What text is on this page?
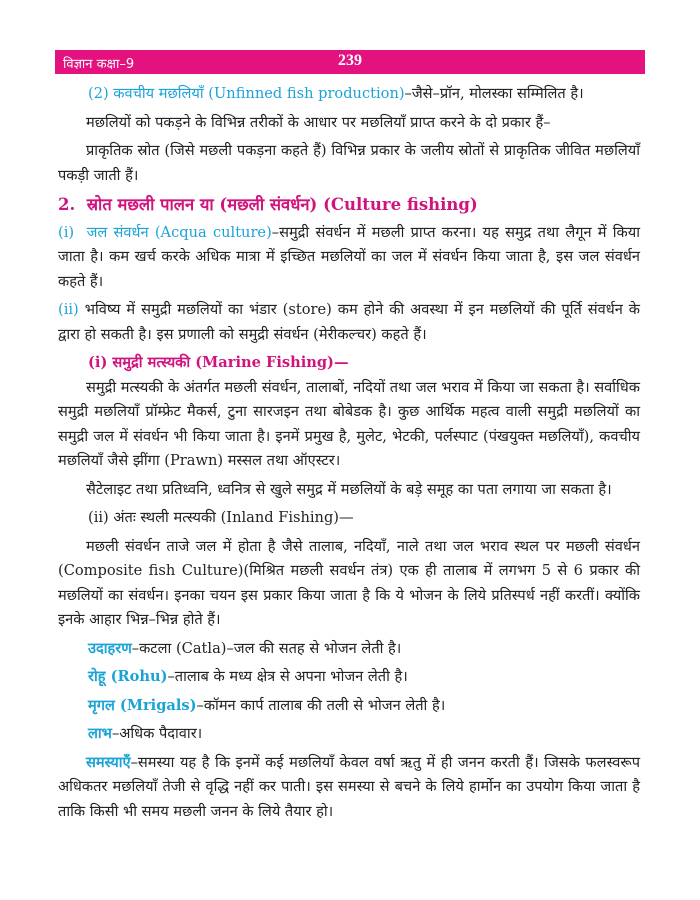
विज्ञान कक्षा–9	239

(2) कवचीय मछलियाँ (Unfinned fish production)–जैसे–प्रॉन, मोलस्का सम्मिलित है।

मछलियों को पकड़ने के विभिन्न तरीकों के आधार पर मछलियाँ प्राप्त करने के दो प्रकार हैं–

प्राकृतिक स्रोत (जिसे मछली पकड़ना कहते हैं) विभिन्न प्रकार के जलीय स्रोतों से प्राकृतिक जीवित मछलियाँ पकड़ी जाती हैं।

2. स्रोत मछली पालन या (मछली संवर्धन) (Culture fishing)

(i) जल संवर्धन (Acqua culture)–समुद्री संवर्धन में मछली प्राप्त करना। यह समुद्र तथा लैगून में किया जाता है। कम खर्च करके अधिक मात्रा में इच्छित मछलियों का जल में संवर्धन किया जाता है, इस जल संवर्धन कहते हैं।

(ii) भविष्य में समुद्री मछलियों का भंडार (store) कम होने की अवस्था में इन मछलियों की पूर्ति संवर्धन के द्वारा हो सकती है। इस प्रणाली को समुद्री संवर्धन (मेरीकल्चर) कहते हैं।

(i) समुद्री मत्स्यकी (Marine Fishing)—

समुद्री मत्स्यकी के अंतर्गत मछली संवर्धन, तालाबों, नदियों तथा जल भराव में किया जा सकता है। सर्वाधिक समुद्री मछलियाँ प्रॉम्फ्रेट मैकर्स, टुना सारजइन तथा बोबेडक है। कुछ आर्थिक महत्व वाली समुद्री मछलियों का समुद्री जल में संवर्धन भी किया जाता है। इनमें प्रमुख है, मुलेट, भेटकी, पर्लस्पाट (पंखयुक्त मछलियाँ), कवचीय मछलियाँ जैसे झींगा (Prawn) मस्सल तथा ऑएस्टर।

सैटेलाइट तथा प्रतिध्वनि, ध्वनित्र से खुले समुद्र में मछलियों के बड़े समूह का पता लगाया जा सकता है।

(ii) अंतः स्थली मत्स्यकी (Inland Fishing)—

मछली संवर्धन ताजे जल में होता है जैसे तालाब, नदियाँ, नाले तथा जल भराव स्थल पर मछली संवर्धन (Composite fish Culture)(मिश्रित मछली सवर्धन तंत्र) एक ही तालाब में लगभग 5 से 6 प्रकार की मछलियों का संवर्धन। इनका चयन इस प्रकार किया जाता है कि ये भोजन के लिये प्रतिस्पर्ध नहीं करतीं। क्योंकि इनके आहार भिन्न–भिन्न होते हैं।

उदाहरण–कटला (Catla)–जल की सतह से भोजन लेती है।

रोहू (Rohu)–तालाब के मध्य क्षेत्र से अपना भोजन लेती है।

मृगल (Mrigals)–कॉमन कार्प तालाब की तली से भोजन लेती है।

लाभ–अधिक पैदावार।

समस्याएँ–समस्या यह है कि इनमें कई मछलियाँ केवल वर्षा ऋतु में ही जनन करती हैं। जिसके फलस्वरूप अधिकतर मछलियाँ तेजी से वृद्धि नहीं कर पाती। इस समस्या से बचने के लिये हार्मोन का उपयोग किया जाता है ताकि किसी भी समय मछली जनन के लिये तैयार हो।
